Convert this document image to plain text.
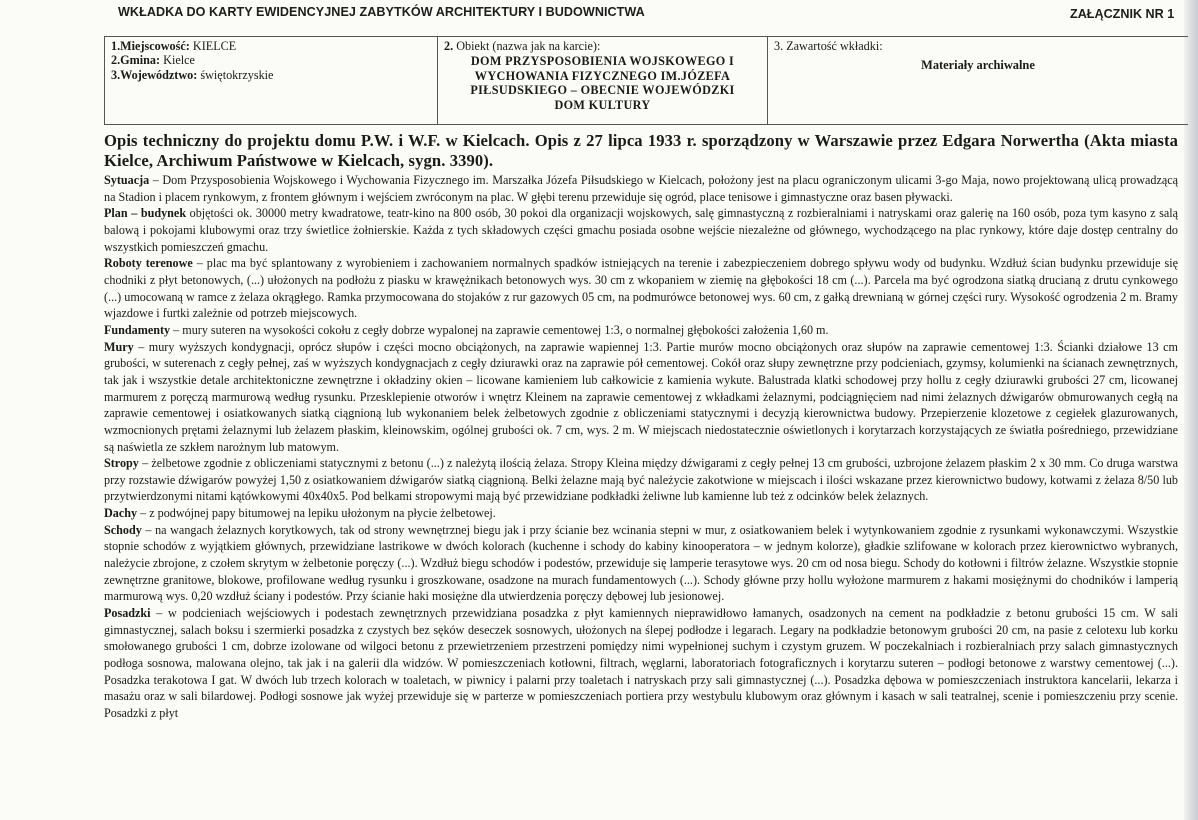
WKŁADKA DO KARTY EWIDENCYJNEJ ZABYTKÓW ARCHITEKTURY I BUDOWNICTWA	ZAŁĄCZNIK NR 1
1.Miejscowość: KIELCE
2.Gmina: Kielce
3.Województwo: świętokrzyskie
2. Obiekt (nazwa jak na karcie):
DOM PRZYSPOSOBIENIA WOJSKOWEGO I
WYCHOWANIA FIZYCZNEGO IM.JÓZEFA
PIŁSUDSKIEGO – OBECNIE WOJEWÓDZKI
DOM KULTURY
3. Zawartość wkładki:
Materiały archiwalne
Opis techniczny do projektu domu P.W. i W.F. w Kielcach. Opis z 27 lipca 1933 r. sporządzony w Warszawie przez Edgara Norwertha (Akta miasta Kielce, Archiwum Państwowe w Kielcach, sygn. 3390).

Sytuacja – Dom Przysposobienia Wojskowego i Wychowania Fizycznego im. Marszałka Józefa Piłsudskiego w Kielcach, położony jest na placu ograniczonym ulicami 3-go Maja, nowo projektowaną ulicą prowadzącą na Stadion i placem rynkowym, z frontem głównym i wejściem zwróconym na plac. W głębi terenu przewiduje się ogród, place tenisowe i gimnastyczne oraz basen pływacki.

Plan – budynek objętości ok. 30000 metry kwadratowe, teatr-kino na 800 osób, 30 pokoi dla organizacji wojskowych, salę gimnastyczną z rozbieralniami i natryskami oraz galerię na 160 osób, poza tym kasyno z salą balową i pokojami klubowymi oraz trzy świetlice żołnierskie. Każda z tych składowych części gmachu posiada osobne wejście niezależne od głównego, wychodzącego na plac rynkowy, które daje dostęp centralny do wszystkich pomieszczeń gmachu.

Roboty terenowe – plac ma być splantowany z wyrobieniem i zachowaniem normalnych spadków istniejących na terenie i zabezpieczeniem dobrego spływu wody od budynku. Wzdłuż ścian budynku przewiduje się chodniki z płyt betonowych, (...) ułożonych na podłożu z piasku w krawężnikach betonowych wys. 30 cm z wkopaniem w ziemię na głębokości 18 cm (...). Parcela ma być ogrodzona siatką drucianą z drutu cynkowego (...) umocowaną w ramce z żelaza okrągłego. Ramka przymocowana do stojaków z rur gazowych 05 cm, na podmurówce betonowej wys. 60 cm, z gałką drewnianą w górnej części rury. Wysokość ogrodzenia 2 m. Bramy wjazdowe i furtki zależnie od potrzeb miejscowych.

Fundamenty – mury suteren na wysokości cokołu z cegły dobrze wypalonej na zaprawie cementowej 1:3, o normalnej głębokości założenia 1,60 m.

Mury – mury wyższych kondygnacji, oprócz słupów i części mocno obciążonych, na zaprawie wapiennej 1:3. Partie murów mocno obciążonych oraz słupów na zaprawie cementowej 1:3. Ścianki działowe 13 cm grubości, w suterenach z cegły pełnej, zaś w wyższych kondygnacjach z cegły dziurawki oraz na zaprawie pół cementowej. Cokół oraz słupy zewnętrzne przy podcieniach, gzymsy, kolumienki na ścianach zewnętrznych, tak jak i wszystkie detale architektoniczne zewnętrzne i okładziny okien – licowane kamieniem lub całkowicie z kamienia wykute. Balustrada klatki schodowej przy hollu z cegły dziurawki grubości 27 cm, licowanej marmurem z poręczą marmurową według rysunku. Przesklepienie otworów i wnętrz Kleinem na zaprawie cementowej z wkładkami żelaznymi, podciągnięciem nad nimi żelaznych dźwigarów obmurowanych cegłą na zaprawie cementowej i osiatkowanych siatką ciągnioną lub wykonaniem belek żelbetowych zgodnie z obliczeniami statycznymi i decyzją kierownictwa budowy. Przepierzenie klozetowe z cegiełek glazurowanych, wzmocnionych prętami żelaznymi lub żelazem płaskim, kleinowskim, ogólnej grubości ok. 7 cm, wys. 2 m. W miejscach niedostatecznie oświetlonych i korytarzach korzystających ze światła pośredniego, przewidziane są naświetla ze szkłem narożnym lub matowym.

Stropy – żelbetowe zgodnie z obliczeniami statycznymi z betonu (...) z należytą ilością żelaza. Stropy Kleina między dźwigarami z cegły pełnej 13 cm grubości, uzbrojone żelazem płaskim 2 x 30 mm. Co druga warstwa przy rozstawie dźwigarów powyżej 1,50 z osiatkowaniem dźwigarów siatką ciągnioną. Belki żelazne mają być należycie zakotwione w miejscach i ilości wskazane przez kierownictwo budowy, kotwami z żelaza 8/50 lub przytwierdzonymi nitami kątówkowymi 40x40x5. Pod belkami stropowymi mają być przewidziane podkładki żeliwne lub kamienne lub też z odcinków belek żelaznych.

Dachy – z podwójnej papy bitumowej na lepiku ułożonym na płycie żelbetowej.

Schody – na wangach żelaznych korytkowych, tak od strony wewnętrznej biegu jak i przy ścianie bez wcinania stepni w mur, z osiatkowaniem belek i wytynkowaniem zgodnie z rysunkami wykonawczymi. Wszystkie stopnie schodów z wyjątkiem głównych, przewidziane lastrikowe w dwóch kolorach (kuchenne i schody do kabiny kinooperatora – w jednym kolorze), gładkie szlifowane w kolorach przez kierownictwo wybranych, należycie zbrojone, z czołem skrytym w żelbetonie poręczy (...). Wzdłuż biegu schodów i podestów, przewiduje się lamperie terasytowe wys. 20 cm od nosa biegu. Schody do kotłowni i filtrów żelazne. Wszystkie stopnie zewnętrzne granitowe, blokowe, profilowane według rysunku i groszkowane, osadzone na murach fundamentowych (...). Schody główne przy hollu wyłożone marmurem z hakami mosiężnymi do chodników i lamperią marmurową wys. 0,20 wzdłuż ściany i podestów. Przy ścianie haki mosiężne dla utwierdzenia poręczy dębowej lub jesionowej.

Posadzki – w podcieniach wejściowych i podestach zewnętrznych przewidziana posadzka z płyt kamiennych nieprawidłowo łamanych, osadzonych na cement na podkładzie z betonu grubości 15 cm. W sali gimnastycznej, salach boksu i szermierki posadzka z czystych bez sęków deseczek sosnowych, ułożonych na ślepej podłodze i legarach. Legary na podkładzie betonowym grubości 20 cm, na pasie z celotexu lub korku smołowanego grubości 1 cm, dobrze izolowane od wilgoci betonu z przewietrzeniem przestrzeni pomiędzy nimi wypełnionej suchym i czystym gruzem. W poczekalniach i rozbieralniach przy salach gimnastycznych podłoga sosnowa, malowana olejno, tak jak i na galerii dla widzów. W pomieszczeniach kotłowni, filtrach, węglarni, laboratoriach fotograficznych i korytarzu suteren – podłogi betonowe z warstwy cementowej (...). Posadzka terakotowa I gat. W dwóch lub trzech kolorach w toaletach, w piwnicy i palarni przy toaletach i natryskach przy sali gimnastycznej (...). Posadzka dębowa w pomieszczeniach instruktora kancelarii, lekarza i masażu oraz w sali bilardowej. Podłogi sosnowe jak wyżej przewiduje się w parterze w pomieszczeniach portiera przy westybulu klubowym oraz głównym i kasach w sali teatralnej, scenie i pomieszczeniu przy scenie. Posadzki z płyt
